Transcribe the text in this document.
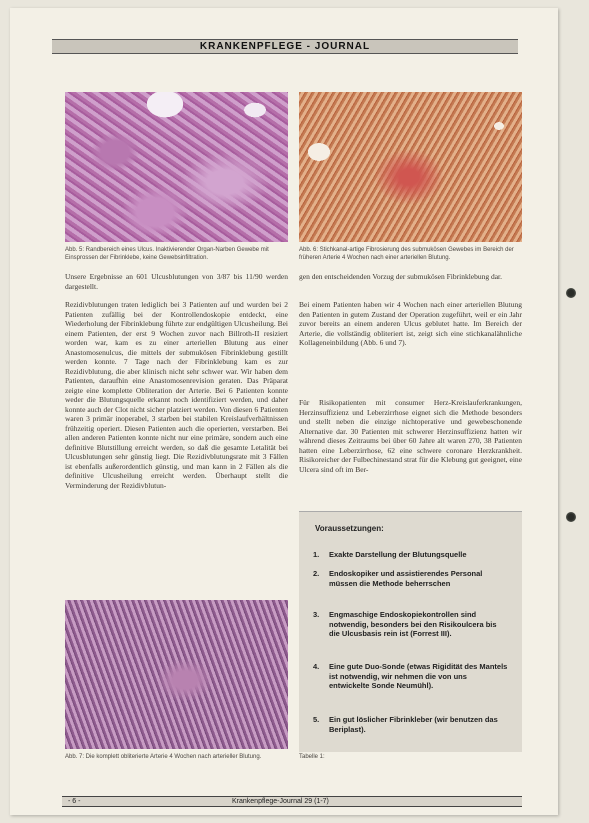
KRANKENPFLEGE - JOURNAL
Abb. 5: Randbereich eines Ulcus. Inaktivierender Organ-Narben Gewebe mit Einsprossen der Fibrinklebe, keine Gewebsinfiltration.
Abb. 6: Stichkanal-artige Fibrosierung des submukösen Gewebes im Bereich der früheren Arterie 4 Wochen nach einer arteriellen Blutung.
Unsere Ergebnisse an 601 Ulcusblutungen von 3/87 bis 11/90 werden dargestellt.
Rezidivblutungen traten lediglich bei 3 Patienten auf und wurden bei 2 Patienten zufällig bei der Kontrollendoskopie entdeckt, eine Wiederholung der Fibrinklebung führte zur endgültigen Ulcusheilung. Bei einem Patienten, der erst 9 Wochen zuvor nach Billroth-II resiziert worden war, kam es zu einer arteriellen Blutung aus einer Anastomosenulcus, die mittels der submukösen Fibrinklebung gestillt werden konnte. 7 Tage nach der Fibrinklebung kam es zur Rezidivblutung, die aber klinisch nicht sehr schwer war. Wir haben dem Patienten, daraufhin eine Anastomosenrevision geraten. Das Präparat zeigte eine komplette Obliteration der Arterie. Bei 6 Patienten konnte weder die Blutungsquelle erkannt noch identifiziert werden, und daher konnte auch der Clot nicht sicher platziert werden. Von diesen 6 Patienten waren 3 primär inoperabel, 3 starben bei stabilen Kreislaufverhältnissen frühzeitig operiert. Diesen Patienten auch die operierten, verstarben. Bei allen anderen Patienten konnte nicht nur eine primäre, sondern auch eine definitive Blutstillung erreicht werden, so daß die gesamte Letalität bei Ulcusblutungen sehr günstig liegt. Die Rezidivblutungsrate mit 3 Fällen ist ebenfalls außerordentlich günstig, und man kann in 2 Fällen als die definitive Ulcusheilung erreicht werden. Überhaupt stellt die Verminderung der Rezidivblutun-
gen den entscheidenden Vorzug der submukösen Fibrinklebung dar.
Bei einem Patienten haben wir 4 Wochen nach einer arteriellen Blutung den Patienten in gutem Zustand der Operation zugeführt, weil er ein Jahr zuvor bereits an einem anderen Ulcus geblutet hatte. Im Bereich der Arterie, die vollständig obliteriert ist, zeigt sich eine stichkanalähnliche Kollageneinbildung (Abb. 6 und 7).
Für Risikopatienten mit consumer Herz-Kreislauferkrankungen, Herzinsuffizienz und Leberzirrhose eignet sich die Methode besonders und stellt neben die einzige nichtoperative und gewebeschonende Alternative dar. 30 Patienten mit schwerer Herzinsuffizienz hatten wir während dieses Zeitraums bei über 60 Jahre alt waren 270, 38 Patienten hatten eine Leberzirrhose, 62 eine schwere coronare Herzkrankheit. Risikoreicher der Fulbechinestand strat für die Klebung gut geeignet, eine Ulcera sind oft im Ber-
Voraussetzungen:
1. Exakte Darstellung der Blutungsquelle
2. Endoskopiker und assistierendes Personal müssen die Methode beherrschen
3. Engmaschige Endoskopiekontrollen sind notwendig, besonders bei den Risikoulcera bis die Ulcusbasis rein ist (Forrest III).
4. Eine gute Duo-Sonde (etwas Rigidität des Mantels ist notwendig, wir nehmen die von uns entwickelte Sonde Neumühl).
5. Ein gut löslicher Fibrinkleber (wir benutzen das Beriplast).
Abb. 7: Die komplett obliterierte Arterie 4 Wochen nach arterieller Blutung.	Tabelle 1:
- 6 -	Krankenpflege-Journal 29 (1-7)
